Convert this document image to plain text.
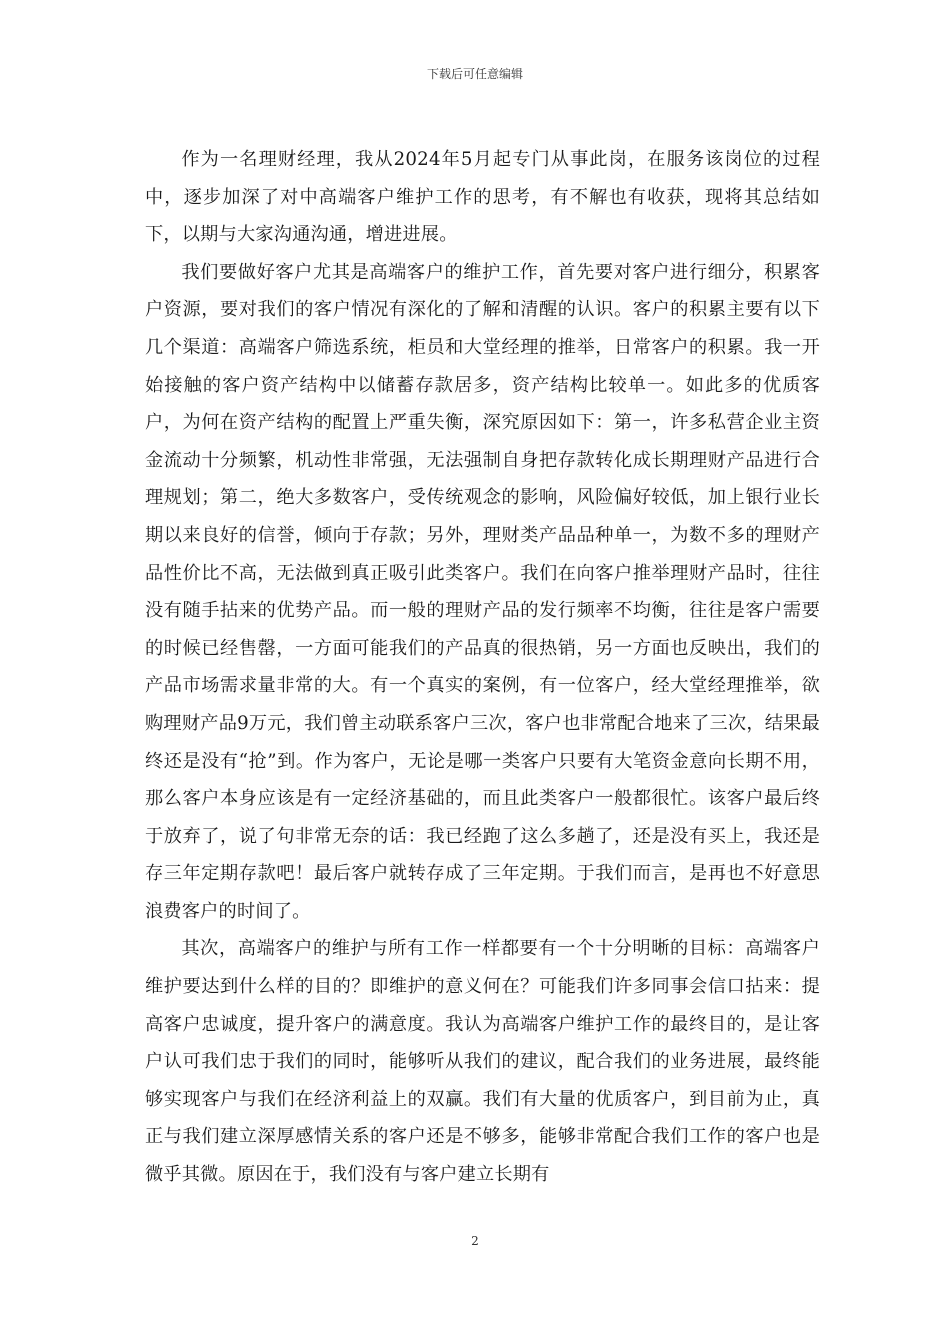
下载后可任意编辑

作为一名理财经理，我从2024年5月起专门从事此岗，在服务该岗位的过程中，逐步加深了对中高端客户维护工作的思考，有不解也有收获，现将其总结如下，以期与大家沟通沟通，增进进展。

我们要做好客户尤其是高端客户的维护工作，首先要对客户进行细分，积累客户资源，要对我们的客户情况有深化的了解和清醒的认识。客户的积累主要有以下几个渠道：高端客户筛选系统，柜员和大堂经理的推举，日常客户的积累。我一开始接触的客户资产结构中以储蓄存款居多，资产结构比较单一。如此多的优质客户，为何在资产结构的配置上严重失衡，深究原因如下：第一，许多私营企业主资金流动十分频繁，机动性非常强，无法强制自身把存款转化成长期理财产品进行合理规划；第二，绝大多数客户，受传统观念的影响，风险偏好较低，加上银行业长期以来良好的信誉，倾向于存款；另外，理财类产品品种单一，为数不多的理财产品性价比不高，无法做到真正吸引此类客户。我们在向客户推举理财产品时，往往没有随手拈来的优势产品。而一般的理财产品的发行频率不均衡，往往是客户需要的时候已经售罄，一方面可能我们的产品真的很热销，另一方面也反映出，我们的产品市场需求量非常的大。有一个真实的案例，有一位客户，经大堂经理推举，欲购理财产品9万元，我们曾主动联系客户三次，客户也非常配合地来了三次，结果最终还是没有“抢”到。作为客户，无论是哪一类客户只要有大笔资金意向长期不用，那么客户本身应该是有一定经济基础的，而且此类客户一般都很忙。该客户最后终于放弃了，说了句非常无奈的话：我已经跑了这么多趟了，还是没有买上，我还是存三年定期存款吧！最后客户就转存成了三年定期。于我们而言，是再也不好意思浪费客户的时间了。

其次，高端客户的维护与所有工作一样都要有一个十分明晰的目标：高端客户维护要达到什么样的目的？即维护的意义何在？可能我们许多同事会信口拈来：提高客户忠诚度，提升客户的满意度。我认为高端客户维护工作的最终目的，是让客户认可我们忠于我们的同时，能够听从我们的建议，配合我们的业务进展，最终能够实现客户与我们在经济利益上的双赢。我们有大量的优质客户，到目前为止，真正与我们建立深厚感情关系的客户还是不够多，能够非常配合我们工作的客户也是微乎其微。原因在于，我们没有与客户建立长期有

2
